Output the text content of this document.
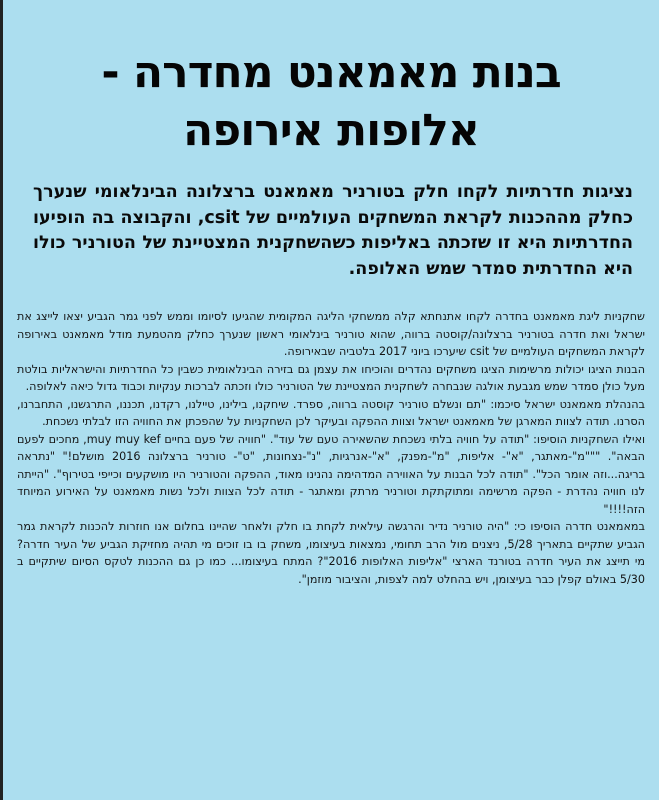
בנות מאמאנט מחדרה -
אלופות אירופה
נציגות חדרתיות לקחו חלק בטורניר מאמאנט ברצלונה הבינלאומי שנערך כחלק מההכנות לקראת המשחקים העולמיים של csit, והקבוצה בה הופיעו החדרתיות היא זו שזכתה באליפות כשהשחקנית המצטיינת של הטורניר כולו היא החדרתית סמדר שמש האלופה.

שחקניות ליגת מאמאנט בחדרה לקחו אתנחתא קלה ממשחקי הליגה המקומית שהגיעו לסיומו וממש לפני גמר הגביע יצאו לייצג את ישראל ואת חדרה בטורניר ברצלונה/קוסטה ברווה, שהוא טורניר בינלאומי ראשון שנערך כחלק מהטמעת מודל מאמאנט באירופה לקראת המשחקים העולמיים של csit שיערכו ביוני 2017 בלטביה שבאירופה.

הבנות הציגו יכולות מרשימות הציגו משחקים נהדרים והוכיחו את עצמן גם בזירה הבינלאומית כשבין כל החדרתיות והישראליות בולטת מעל כולן סמדר שמש מגבעת אולגה שנבחרה לשחקנית המצטיינת של הטורניר כולו וזכתה לברכות ענקיות וכבוד גדול כיאה לאלופה.

בהנהלת מאמאנט ישראל סיכמו: "תם ונשלם טורניר קוסטה ברווה, ספרד. שיחקנו, בילינו, טיילנו, רקדנו, תכננו, התרגשנו, התחברנו, הסרנו. תודה לצוות המארגן של מאמאנט ישראל וצוות ההפקה ובעיקר לכן השחקניות על שהפכתן את החוויה הזו לבלתי נשכחת.

ואילו השחקניות הוסיפו: "תודה על חוויה בלתי נשכחת שהשאירה טעם של עוד". "חוויה של פעם בחיים muy muy kef, מחכים לפעם הבאה". """מ"-מאתגר, "א"- אליפות, "מ"-מפנק, "א"-אנרגיות, "נ"-נצחונות, "ט"- טורניר ברצלונה 2016 מושלם!" "נתראה בריגה...וזה אומר הכל". "תודה לכל הבנות על האווירה המדהימה נהנינו מאוד, ההפקה והטורניר היו מושקעים וכייפי בטירוף". "הייתה לנו חוויה נהדרת - הפקה מרשימה ומתוקתקת וטורניר מרתק ומאתגר - תודה לכל הצוות ולכל נשות מאמאנט על האירוע המיוחד הזה!!!!"

במאמאנט חדרה הוסיפו כי: "היה טורניר נדיר והרגשה עילאית לקחת בו חלק ולאחר שהיינו בחלום אנו חוזרות להכנות לקראת גמר הגביע שתקיים בתאריך 5/28, ניצנים מול הרב תחומי, נמצאות בעיצומו, משחק בו בו זוכים מי תהיה מחזיקת הגביע של העיר חדרה? מי תייצג את העיר חדרה בטורנד הארצי "אליפות האלופות 2016"? המתח בעיצומו... כמו כן גם ההכנות לטקס הסיום שיתקיים ב 5/30 באולם קפלן כבר בעיצומן, ויש בהחלט למה לצפות, והציבור מוזמן".
